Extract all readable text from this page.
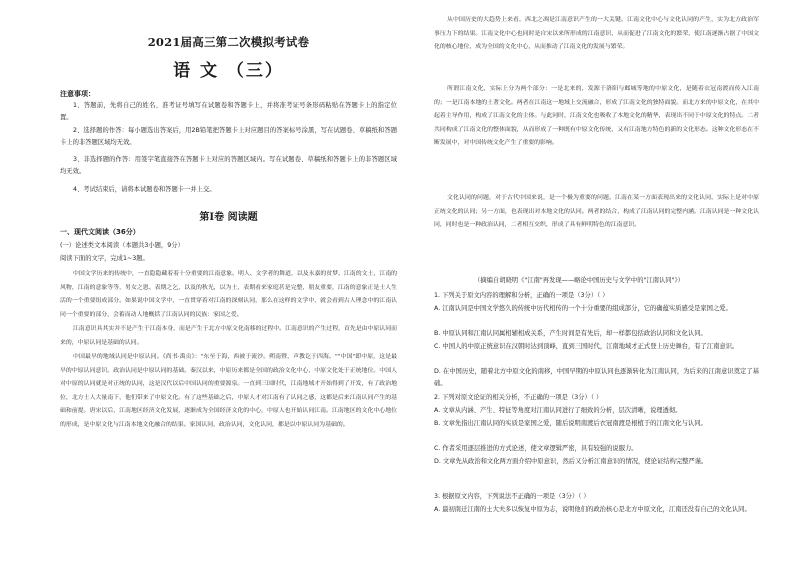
2021届高三第二次模拟考试卷
语 文 （三）
注意事项：
1、答题前，先将自己的姓名、准考证号填写在试题卷和答题卡上，并将准考证号条形码粘贴在答题卡上的指定位置。
2、选择题的作答：每小题选出答案后，用2B铅笔把答题卡上对应题目的答案标号涂黑，写在试题卷、草稿纸和答题卡上的非答题区域均无效。
3、非选择题的作答：用签字笔直接答在答题卡上对应的答题区域内。写在试题卷、草稿纸和答题卡上的非答题区域均无效。
4、考试结束后，请将本试题卷和答题卡一并上交。
第Ⅰ卷 阅读题
一、现代文阅读（36分）
(一）论述类文本阅读（本题共3小题，9分）
阅读下面的文字，完成1~3题。
中国文学历来的传统中，一直隐隐藏着着十分重要的江南意象。明人、文学者的舞道，以及永嘉的贫梦。江南的文士，江南的风物，江南的意象等等，男女之恩、表期之乞，以及的秋光，以为士，表期看来家庭甚是完整，朋友重要，江南的意象正是士人生活的一个重要组成部分。如果说中国文学中，一直贯穿着对江南的深刻认同，那么在这样的文学中，就会看到古人理念中的江南认同一个重要的部分，会蓄而动人地概括了江南认同的民族：家国之爱。
江南意识具其实并不是产生于江南本身，而是产生于北方中原文化南移的过程中。江南意识的产生过程，首先是由中原认同而来的，中原认同是基础的认同。
中国最早的地域认同是中原认同。《尚书·禹贡》："东至于海，西被于流沙。朔南暨，声教讫于四海。""中国"即中原，这是最早的中原认同意识。政治认同是中原认同的基础。秦汉以来，中原历来都是全国的政治文化中心，中原文化处于正统地位。中国人对中原的认同就是对正统的认同，这是汉代以后中国认同的重要源泉。一直到三国时代，江南地域才开始得到了开发，有了政治地位，北方士人大量南下，他们带来了中原文化。有了这些基础之后，中原人才对江南有了认同之感，这都是后来江南认同产生的基础和前提。唐宋以后，江南地区经济文化发展，逐渐成为全国经济文化的中心，中原人也开始认同江南。江南地区的文化中心地位的形成，是中原文化与江南本地文化融合的结果。家国认同，政治认同，文化认同，都是以中原认同为基础的。
从中国历史的大趋势上来看，西北之凋是江南意识产生的一大关键。江南文化中心与文化认同的产生，实为北方政治军事压力下的结果。江南文化中心也同时是自宋以来所形成的江南意识，从而促进了江南文化的繁荣，使江南逐渐占据了中国文化的核心地位，成为全国的文化中心，从而推动了江南文化的发展与繁荣。
所谓江南文化，实际上分为两个部分：一是北来的，发源于洛阳与邺城等地的中原文化，是随着衣冠南渡而传入江南的；一是江南本地的土著文化。两者在江南这一地域上交流融合，形成了江南文化的独特面貌。而北方来的中原文化，在其中起着主导作用，构成了江南文化的主体。与此同时，江南文化也吸收了本地文化的精华，表现出不同于中原文化的特点。二者共同构成了江南文化的整体面貌，从而形成了一种既有中原文化传统、又有江南地方特色的新的文化形态。这种文化形态在不断发展中，对中国传统文化产生了重要的影响。
文化认同的问题，对于古代中国来说，是一个极为重要的问题。江南在某一方面表现出来的文化认同，实际上是对中原正统文化的认同；另一方面，也表现出对本地文化的认同。两者的结合，构成了江南认同的完整内涵。江南认同是一种文化认同，同时也是一种政治认同，二者相互交织，形成了具有鲜明特色的江南意识。
（摘编自胡晓明《"江南"再发现——略论中国历史与文学中的"江南认同"》）
1. 下列关于原文内容的理解和分析，正确的一项是（3分）（ ）
A. 江南认同是中国文学悠久的传统中历代相传的一个十分重要的组成部分，它的确蕴实质感受是家国之爱。
B. 中原认同和江南认同属相辅相成关系，产生时间是有先后，却一样都包括政治认同和文化认同。
C. 中国人的中原正统意识在汉朝时达到顶峰，直到三国时代，江南地域才正式登上历史舞台，有了江南意识。
D. 在中国历史，随着北方中原文化的南移，中国早期的中原认同也逐渐转化为江南认同，为后来的江南意识奠定了基础。
2. 下列对原文论证的相关分析，不正确的一项是（3分）（ ）
A. 文章从内涵、产生、特征等角度对江南认同进行了细致的分析，层次清晰，说理透彻。
B. 文章先指出江南认同的实质是家国之爱，随后说明南渡后衣冠南渡是根植于的江南文化与认同。
C. 作者采用逐层推进的方式论述，使文章逻辑严密，具有较强的说服力。
D. 文章先从政治和文化两方面介绍中原意识，然后又分析江南意识的情况，使论证结构完整严谨。
3. 根据原文内容，下列说法不正确的一项是（3分）（ ）
A. 最初南迁江南的士大夫多以恢复中原为志，说明他们的政治核心是北方中原文化，江南还没有自己的文化认同。
